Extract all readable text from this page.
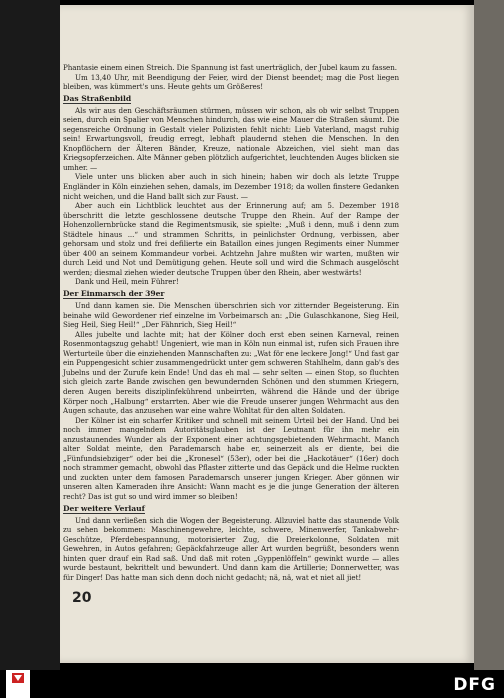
Phantasie einem einen Streich. Die Spannung ist fast unerträglich, der Jubel kaum zu fassen.

Um 13,40 Uhr, mit Beendigung der Feier, wird der Dienst beendet; mag die Post liegen bleiben, was kümmert's uns. Heute gehts um Größeres!

Das Straßenbild

Als wir aus den Geschäftsräumen stürmen, müssen wir schon, als ob wir selbst Truppen seien, durch ein Spalier von Menschen hindurch, das wie eine Mauer die Straßen säumt. Die segensreiche Ordnung in Gestalt vieler Polizisten fehlt nicht: Lieb Vaterland, magst ruhig sein! Erwartungsvoll, freudig erregt, lebhaft plaudernd stehen die Menschen. In den Knopflöchern der Älteren Bänder, Kreuze, nationale Abzeichen, viel sieht man das Kriegsopferzeichen. Alte Männer geben plötzlich aufgerichtet, leuchtenden Auges blicken sie umher. —

Viele unter uns blicken aber auch in sich hinein; haben wir doch als letzte Truppe Engländer in Köln einziehen sehen, damals, im Dezember 1918; da wollen finstere Gedanken nicht weichen, und die Hand ballt sich zur Faust. —

Aber auch ein Lichtblick leuchtet aus der Erinnerung auf; am 5. Dezember 1918 überschritt die letzte geschlossene deutsche Truppe den Rhein. Auf der Rampe der Hohenzollernbrücke stand die Regimentsmusik, sie spielte: „Muß i denn, muß i denn zum Städtele hinaus ...“ und strammen Schritts, in peinlichster Ordnung, verbissen, aber gehorsam und stolz und frei defilierte ein Bataillon eines jungen Regiments einer Nummer über 400 an seinem Kommandeur vorbei. Achtzehn Jahre mußten wir warten, mußten wir durch Leid und Not und Demütigung gehen. Heute soll und wird die Schmach ausgelöscht werden; diesmal ziehen wieder deutsche Truppen über den Rhein, aber westwärts!

Dank und Heil, mein Führer!

Der Einmarsch der 39er

Und dann kamen sie. Die Menschen überschrien sich vor zitternder Begeisterung. Ein beinahe wild Gewordener rief einzelne im Vorbeimarsch an: „Die Gulaschkanone, Sieg Heil, Sieg Heil, Sieg Heil!“ „Der Fähnrich, Sieg Heil!“

Alles jubelte und lachte mit; hat der Kölner doch erst eben seinen Karneval, reinen Rosenmontagszug gehabt! Ungeniert, wie man in Köln nun einmal ist, rufen sich Frauen ihre Werturteile über die einziehenden Mannschaften zu: „Wat för ene leckere Jong!“ Und fast gar ein Puppengesicht schier zusammengedrückt unter gem schweren Stahlhelm, dann gab's des Jubelns und der Zurufe kein Ende! Und das eh mal — sehr selten — einen Stop, so fluchten sich gleich zarte Bande zwischen gen bewundernden Schönen und den stummen Kriegern, deren Augen bereits disziplinfekührend unbeirrten, während die Hände und der übrige Körper noch „Halbung“ erstarrten. Aber wie die Freude unserer jungen Wehrmacht aus den Augen schaute, das anzusehen war eine wahre Wohltat für den alten Soldaten.

Der Kölner ist ein scharfer Kritiker und schnell mit seinem Urteil bei der Hand. Und bei noch immer mangelndem Autoritätsglauben ist der Leutnant für ihn mehr ein anzustaunendes Wunder als der Exponent einer achtungsgebietenden Wehrmacht. Manch alter Soldat meinte, den Parademarsch habe er, seinerzeit als er diente, bei die „Fünfundsiebziger“ oder bei die „Kronesel“ (53er), oder bei die „Hackotäuer“ (16er) doch noch strammer gemacht, obwohl das Pflaster zitterte und das Gepäck und die Helme ruckten und zuckten unter dem famosen Parademarsch unserer jungen Krieger. Aber gönnen wir unseren alten Kameraden ihre Ansicht: Wann macht es je die junge Generation der älteren recht? Das ist gut so und wird immer so bleiben!

Der weitere Verlauf

Und dann verließen sich die Wogen der Begeisterung. Allzuviel hatte das staunende Volk zu sehen bekommen: Maschinengewehre, leichte, schwere, Minenwerfer, Tankabwehr-Geschütze, Pferdebespannung, motorisierter Zug, die Dreierkolonne, Soldaten mit Gewehren, in Autos gefahren; Gepäckfahrzeuge aller Art wurden begrüßt, besonders wenn hinten quer drauf ein Rad saß. Und daß mit roten „Gyppenlöffeln“ gewinkt wurde — alles wurde bestaunt, bekrittelt und bewundert. Und dann kam die Artillerie; Donnerwetter, was für Dinger! Das hatte man sich denn doch nicht gedacht; nä, nä, wat et niet all jiet!

20
DFG
